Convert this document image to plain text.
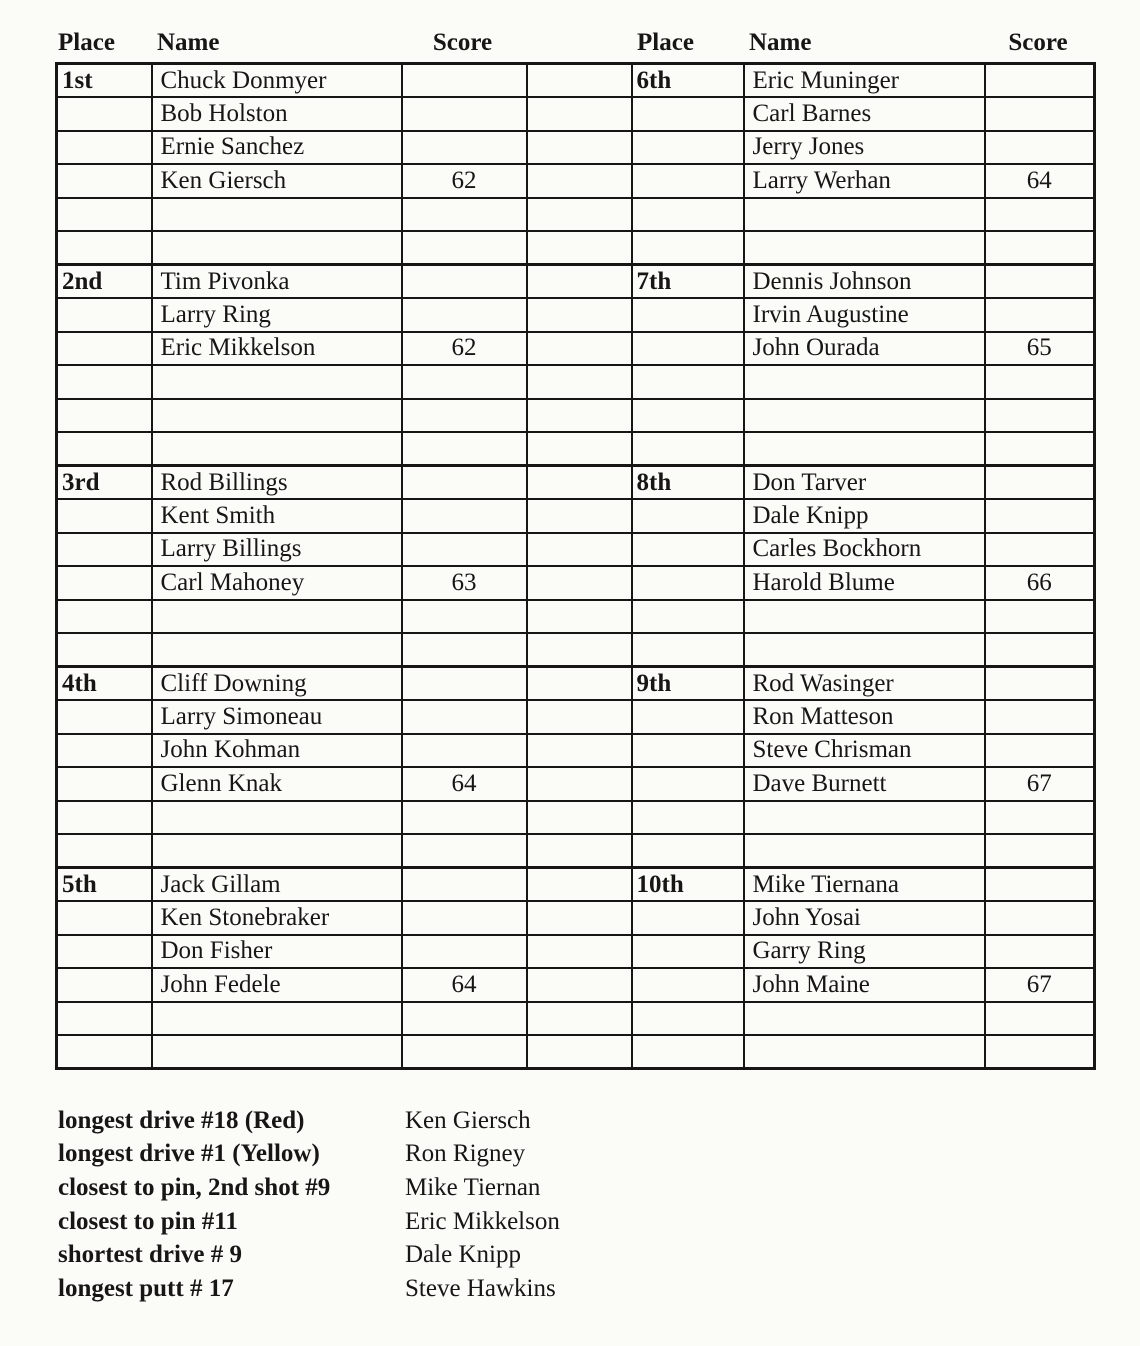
Place	Name	Score	Place	Name	Score
1st	Chuck Donmyer			6th	Eric Muninger	
	Bob Holston				Carl Barnes	
	Ernie Sanchez				Jerry Jones	
	Ken Giersch	62			Larry Werhan	64

2nd	Tim Pivonka			7th	Dennis Johnson	
	Larry Ring				Irvin Augustine	
	Eric Mikkelson	62			John Ourada	65

3rd	Rod Billings			8th	Don Tarver	
	Kent Smith				Dale Knipp	
	Larry Billings				Carles Bockhorn	
	Carl Mahoney	63			Harold Blume	66

4th	Cliff Downing			9th	Rod Wasinger	
	Larry Simoneau				Ron Matteson	
	John Kohman				Steve Chrisman	
	Glenn Knak	64			Dave Burnett	67

5th	Jack Gillam			10th	Mike Tiernana	
	Ken Stonebraker				John Yosai	
	Don Fisher				Garry Ring	
	John Fedele	64			John Maine	67

longest drive #18 (Red)	Ken Giersch
longest drive #1 (Yellow)	Ron Rigney
closest to pin, 2nd shot #9	Mike Tiernan
closest to pin #11	Eric Mikkelson
shortest drive # 9	Dale Knipp
longest putt # 17	Steve Hawkins
